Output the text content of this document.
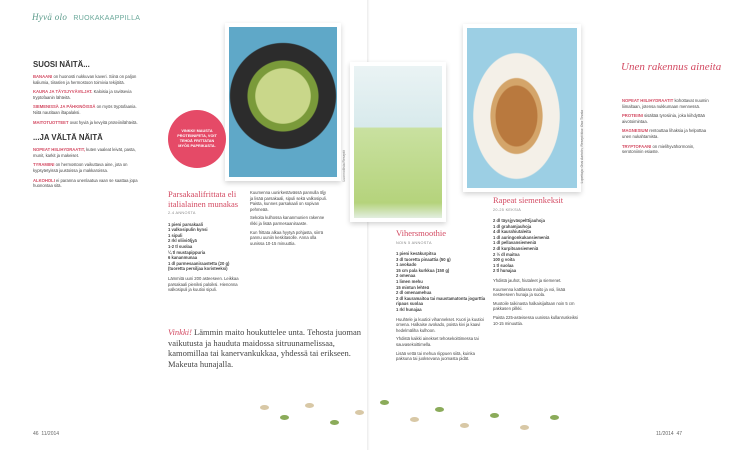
Hyvä olo RUOKAKAAPPILLA
SUOSI NÄITÄ...
BANAANI on huonosti nukkuvan kaveri. Siinä on paljon kaliumia, tiiraslen ja hermostoon toimivia tekijöitä.
KAURA JA TÄYSJYVÄVILJAT. Kaloisia ja ravitsevia tryptofaanin lähteitä.
SIEMENISSÄ JA PÄHKINÖISSÄ on myös tryptofaania. Niitä nautitaan iltapalaksi.
MAITOTUOTTEET ovat hyviä ja kevyitä proteiinilähteitä.
...JA VÄLTÄ NÄITÄ
NOPEAT HIILIHYDRAATIT, kuten vaaleat leivät, pasta, munit, karkit ja makeiset.
TYRAMIINI on hermostoon vaikuttava aine, jota on kypsytetyissä juustoissa ja makkaroissa.
ALKOHOLI ei paranna unenlaatua vaan se saattaa jopa huonontaa sitä.
46 11/2014	11/2014 47
Luonnollista Reseptit	Lopettaja: Ossi Aartolin, Reseptiikka: Osa Tirvala
VINKKI! MAUSTA PROTEIINIFETA, VOIT TEHDÄ FRITTATAN MYÖS PAPRIKASTA.
Parsakaalifrittata eli italialainen munakas
2-4 ANNOSTA
1 pieni parsakaali
1 valkosipulin kynsi
1 sipuli
2 rkl oliiviöljyä
1-2 tl suolaa
¼ tl mustapippuria
6 kananmunaa
1 dl parmesaaniraastetta (20 g) (tuoretta persiljaa koristeeksi)
Lämmitä uuni 200 asteeseen. Leikkaa parsakaali pieniksi paloiksi. Hienonna valkosipuli ja kuutioi sipuli.
Kuumenna uunirkestävässä pannulla öljy ja lisää parsakaali, sipuli sekä valkosipuli. Paista, kunnes parsakaali on sopivan pehmeää.
Sekoita kulhossa kananmunien rakenne rikki ja lisää parmesaaniraaste.
Kun frittata alkaa hyytyä pohjasta, siirrä pannu uuniin keskitasolle. Anna olla uunissa 10-15 minuuttia.
Vihersmoothie
NOIN 5 ANNOSTA
1 pieni kesäkurpitsa
3 dl tuoretta pinaattia (50 g)
1 avokado
15 cm pala kurkkua (150 g)
2 omenaa
1 limen mehu
15 mintun lehteä
2 dl omenamehua
2 dl kauramaitoa tai maustamatonta jogurttia
ripaus suolaa
1 rkl hunajaa
Huuhtele ja kuutioi vihannekset. Kuori ja kuutioi omena. Halkaise avokado, poista kivi ja kaavi hedelmäliha kulhoon.
Yhdistä kaikki ainekset tehosekoittimessa tai sauvasekoittimella.
Lisää vettä tai mehua riippuen siitä, kuinka paksuna tai juoksevana juomasta pidät.
Rapeat siemenkeksit
20-25 KEKSIÄ
2 dl täysjyväspelttijauhoja
1 dl grahamjauhoja
4 dl kaurahiutaleita
1 dl auringonkukansiemeniä
1 dl pellavansiemeniä
2 dl kurpitsansiemeniä
2 ½ dl maitoa
100 g voita
1 tl suolaa
2 tl hunajaa
Yhdistä jauhot, hiutaleet ja siemenet.
Kuumenna kattilassa maito ja voi, lisää nesteeseen hunaja ja suola.
Muotoile taikinasta halkaisijaltaan noin 5 cm pakkasen pilkki.
Paista 225-asteisessa uunissa kullanruskeiksi 10-15 minuuttia.
Vinkki! Lämmin maito houkuttelee untа. Tehosta juoman vaikutusta ja hauduta maidossa sitruunamelissaa, kamomillaa tai kanervankukkaa, yhdessä tai erikseen. Makeuta hunajalla.
Unen rakennus aineita
NOPEAT HIILIHYDRAATIT kohottavat nuumin liimaltaan, jotensa nukkumaan mennessä.
PROTEIINI sisältää tyrosiinia, joka kiihdyttää aivotoimintaa.
MAGNESIUM rentouttaa lihaksia ja helpottaa unen nukahtamista.
TRYPTOFAANI on mielihyvähormonin, serotoniinin esiaste.
